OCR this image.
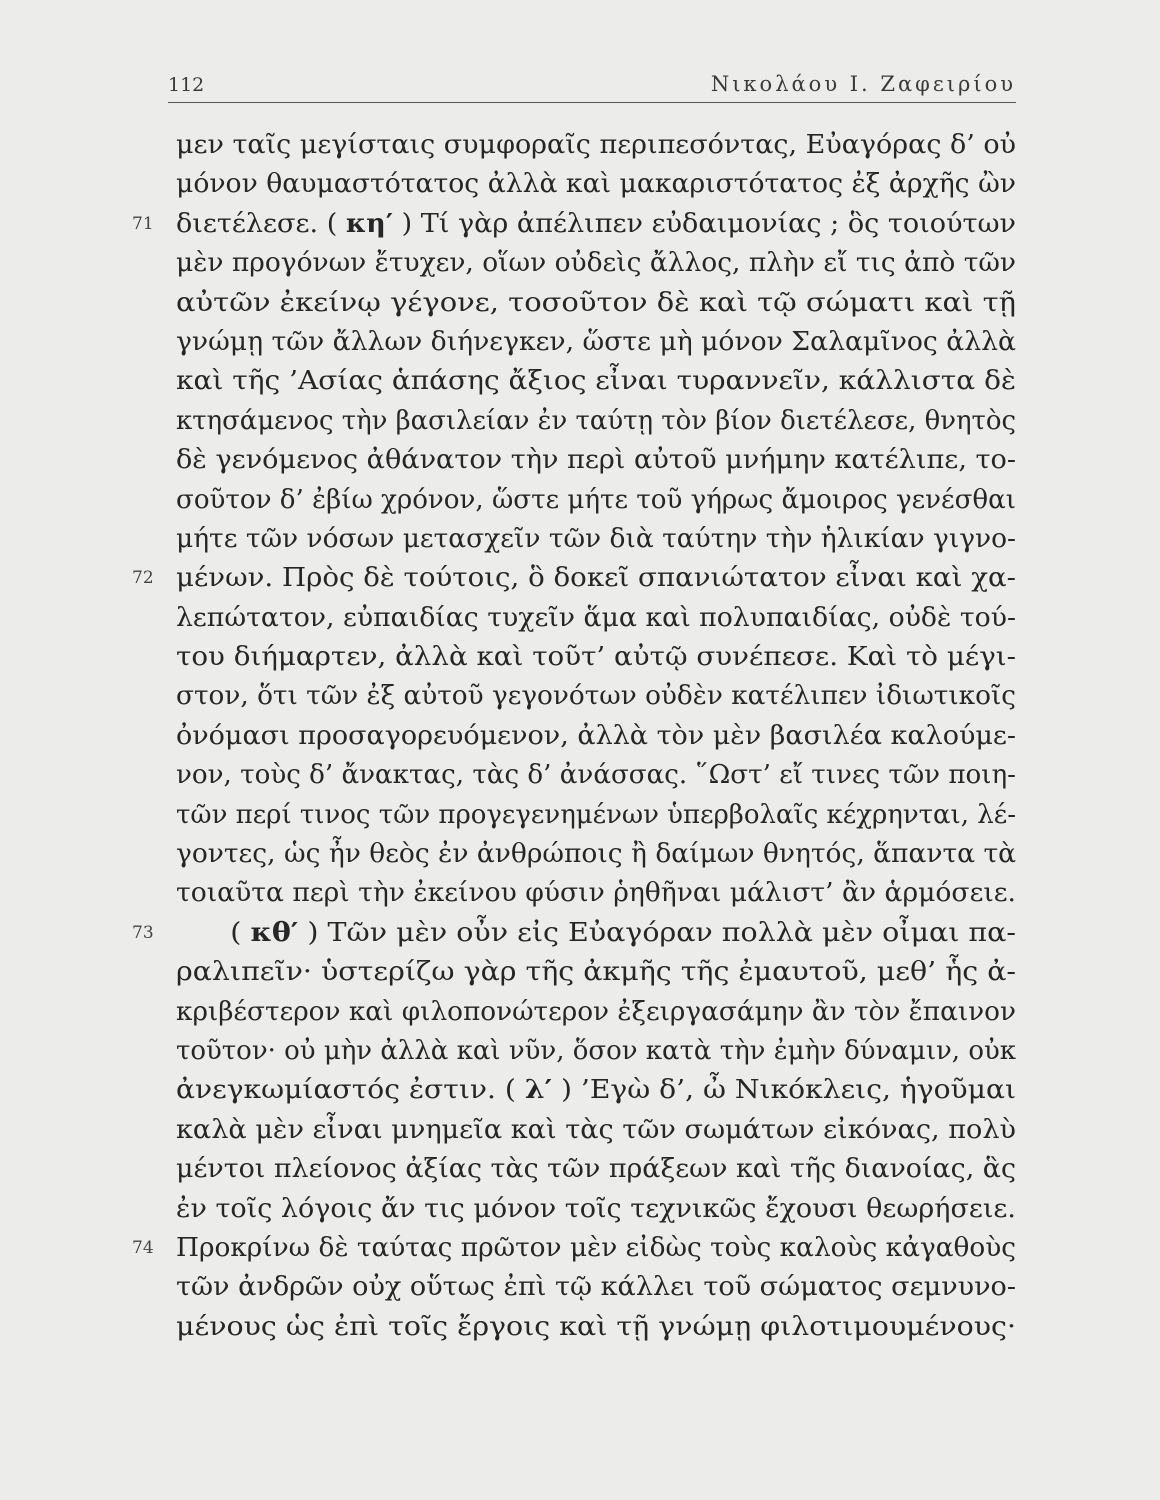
112	Νικολάου Ι. Ζαφειρίου
μεν ταῖς μεγίσταις συμφοραῖς περιπεσόντας, Εὐαγόρας δ’ οὐ
μόνον θαυμαστότατος ἀλλὰ καὶ μακαριστότατος ἐξ ἀρχῆς ὢν
71 διετέλεσε. ( κη′ ) Τί γὰρ ἀπέλιπεν εὐδαιμονίας ; ὃς τοιούτων
μὲν προγόνων ἔτυχεν, οἵων οὐδεὶς ἄλλος, πλὴν εἴ τις ἀπὸ τῶν
αὐτῶν ἐκείνῳ γέγονε, τοσοῦτον δὲ καὶ τῷ σώματι καὶ τῇ
γνώμῃ τῶν ἄλλων διήνεγκεν, ὥστε μὴ μόνον Σαλαμῖνος ἀλλὰ
καὶ τῆς ’Ασίας ἁπάσης ἄξιος εἶναι τυραννεῖν, κάλλιστα δὲ
κτησάμενος τὴν βασιλείαν ἐν ταύτῃ τὸν βίον διετέλεσε, θνητὸς
δὲ γενόμενος ἀθάνατον τὴν περὶ αὐτοῦ μνήμην κατέλιπε, το-
σοῦτον δ’ ἐβίω χρόνον, ὥστε μήτε τοῦ γήρως ἄμοιρος γενέσθαι
μήτε τῶν νόσων μετασχεῖν τῶν διὰ ταύτην τὴν ἡλικίαν γιγνο-
72 μένων. Πρὸς δὲ τούτοις, ὃ δοκεῖ σπανιώτατον εἶναι καὶ χα-
λεπώτατον, εὐπαιδίας τυχεῖν ἅμα καὶ πολυπαιδίας, οὐδὲ τού-
του διήμαρτεν, ἀλλὰ καὶ τοῦτ’ αὐτῷ συνέπεσε. Καὶ τὸ μέγι-
στον, ὅτι τῶν ἐξ αὐτοῦ γεγονότων οὐδὲν κατέλιπεν ἰδιωτικοῖς
ὀνόμασι προσαγορευόμενον, ἀλλὰ τὸν μὲν βασιλέα καλούμε-
νον, τοὺς δ’ ἄνακτας, τὰς δ’ ἀνάσσας. ῞Ωστ’ εἴ τινες τῶν ποιη-
τῶν περί τινος τῶν προγεγενημένων ὑπερβολαῖς κέχρηνται, λέ-
γοντες, ὡς ἦν θεὸς ἐν ἀνθρώποις ἢ δαίμων θνητός, ἅπαντα τὰ
τοιαῦτα περὶ τὴν ἐκείνου φύσιν ῥηθῆναι μάλιστ’ ἂν ἁρμόσειε.
73 ( κθ′ ) Τῶν μὲν οὖν εἰς Εὐαγόραν πολλὰ μὲν οἶμαι πα-
ραλιπεῖν· ὑστερίζω γὰρ τῆς ἀκμῆς τῆς ἐμαυτοῦ, μεθ’ ἧς ἀ-
κριβέστερον καὶ φιλοπονώτερον ἐξειργασάμην ἂν τὸν ἔπαινον
τοῦτον· οὐ μὴν ἀλλὰ καὶ νῦν, ὅσον κατὰ τὴν ἐμὴν δύναμιν, οὐκ
ἀνεγκωμίαστός ἐστιν. ( λ′ ) ’Εγὼ δ’, ὦ Νικόκλεις, ἡγοῦμαι
καλὰ μὲν εἶναι μνημεῖα καὶ τὰς τῶν σωμάτων εἰκόνας, πολὺ
μέντοι πλείονος ἀξίας τὰς τῶν πράξεων καὶ τῆς διανοίας, ἃς
ἐν τοῖς λόγοις ἄν τις μόνον τοῖς τεχνικῶς ἔχουσι θεωρήσειε.
74 Προκρίνω δὲ ταύτας πρῶτον μὲν εἰδὼς τοὺς καλοὺς κἀγαθοὺς
τῶν ἀνδρῶν οὐχ οὕτως ἐπὶ τῷ κάλλει τοῦ σώματος σεμνυνο-
μένους ὡς ἐπὶ τοῖς ἔργοις καὶ τῇ γνώμῃ φιλοτιμουμένους·
